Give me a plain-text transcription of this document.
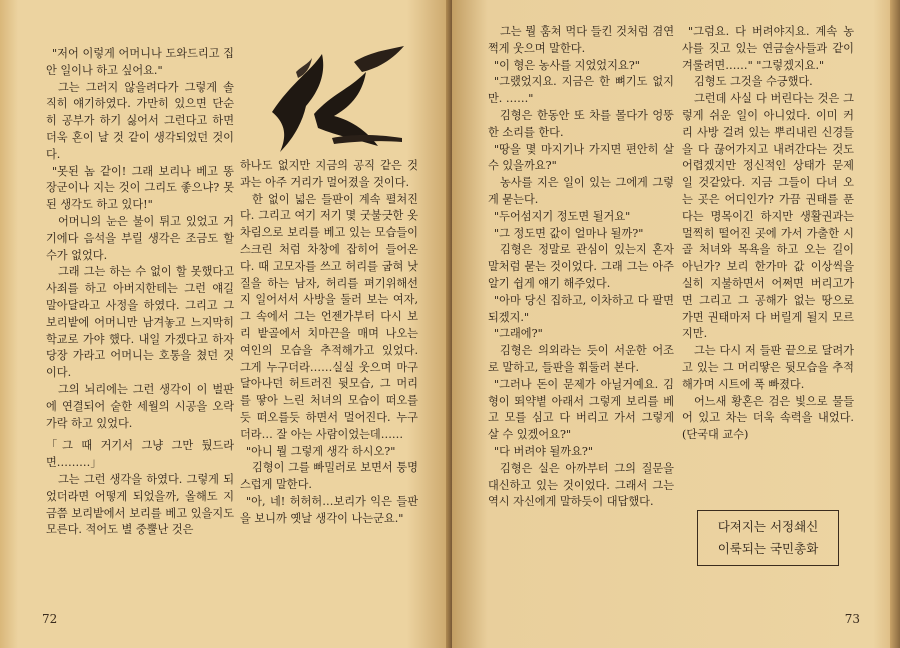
"저어 이렇게 어머니나 도와드리고 집안 일이나 하고 싶어요."

그는 그러지 않을려다가 그렇게 솔직히 얘기하였다. 가만히 있으면 단순히 공부가 하기 싫어서 그런다고 하면 더욱 혼이 날 것 같이 생각되었던 것이다.

"못된 놈 같이! 그래 보리나 베고 똥장군이나 지는 것이 그리도 좋으냐? 못된 생각도 하고 있다!"

어머니의 눈은 불이 튀고 있었고 거기에다 음석을 부릴 생각은 조금도 할 수가 없었다.

그래 그는 하는 수 없이 할 못했다고 사죄를 하고 아버지한테는 그런 얘길 말아달라고 사정을 하였다. 그리고 그 보리밭에 어머니만 남겨놓고 느지막히 학교로 가야 했다. 내일 가겠다고 하자 당장 가라고 어머니는 호통을 쳤던 것이다.

그의 뇌리에는 그런 생각이 이 벌판에 연결되어 숱한 세월의 시공을 오락가락 하고 있었다.

「그 때 거기서 그냥 그만 뒀드라면………」

그는 그런 생각을 하였다. 그렇게 되었더라면 어떻게 되었을까, 올해도 지금쯤 보리밭에서 보리를 베고 있을지도 모른다. 적어도 별 중뿔난 것은

하나도 없지만 지금의 공직 같은 것과는 아주 거리가 멀어졌을 것이다.

한 없이 넓은 들판이 계속 펼쳐진다. 그리고 여기 저기 몇 굿불긋한 옷차림으로 보리를 베고 있는 모습들이 스크린 처럼 차창에 잡히어 들어온다. 때 고모자를 쓰고 허리를 굽혀 낫질을 하는 남자, 허리를 펴기위해선지 일어서서 사방을 둘러 보는 여자, 그 속에서 그는 언젠가부터 다시 보리 밭골에서 치마끈을 매며 나오는 여인의 모습을 추적해가고 있었다. 그게 누구더라……실실 웃으며 마구 달아나던 허트러진 뒷모습, 그 머리를 땋아 느린 처녀의 모습이 떠오를듯 떠오를듯 하면서 멀어진다. 누구더라… 잘 아는 사람이었는데……

"아니 뭘 그렇게 생각 하시오?"

김형이 그를 빠밀러로 보면서 퉁명스럽게 말한다.

"아, 네! 허허허…보리가 익은 들판을 보니까 옛날 생각이 나는군요."

72

그는 뭘 훔쳐 먹다 들킨 것처럼 겸연쩍게 웃으며 말한다.

"이 형은 농사를 지었었지요?"

"그랬었지요. 지금은 한 뼈기도 없지만. ……"

김형은 한동안 또 차를 몰다가 엉뚱한 소리를 한다.

"땅을 몇 마지기나 가지면 편안히 살 수 있을까요?"

농사를 지은 일이 있는 그에게 그렇게 묻는다.

"두어섬지기 정도면 될거요"

"그 정도면 값이 얼마나 될까?"

김형은 정말로 관심이 있는지 혼자말처럼 묻는 것이었다. 그래 그는 아주 알기 쉽게 얘기 해주었다.

"아마 당신 집하고, 이차하고 다 팔면 되겠지."

"그래에?"

김형은 의외라는 듯이 서운한 어조로 말하고, 들판을 휘둘러 본다.

"그러나 돈이 문제가 아닐거예요. 김형이 뙤약볕 아래서 그렇게 보리를 베고 모를 심고 다 버리고 가서 그렇게 살 수 있겠어요?"

"다 버려야 될까요?"

김형은 실은 아까부터 그의 질문을 대신하고 있는 것이었다. 그래서 그는 역시 자신에게 말하듯이 대답했다.

"그럼요. 다 버려야지요. 계속 농사를 짓고 있는 연금술사들과 같이 겨룰려면……" "그렇겠지요."

김형도 그것을 수긍했다.

그런데 사실 다 버린다는 것은 그렇게 쉬운 일이 아니었다. 이미 커리 사방 걸려 있는 뿌리내린 신경들을 다 끊어가지고 내려간다는 것도 어렵겠지만 정신적인 상태가 문제일 것같았다. 지금 그들이 다녀 오는 곳은 어디인가? 가끔 권태를 푼다는 명목이긴 하지만 생활권과는 멀찍히 떨어진 곳에 가서 가출한 시골 처녀와 목욕을 하고 오는 길이 아닌가? 보리 한가마 값 이상씩을 실히 지불하면서 어쩌면 버리고가면 그리고 그 공해가 없는 땅으로 가면 권태마저 다 버릴게 될지 모르지만.

그는 다시 저 들판 끝으로 달려가고 있는 그 머리땋은 뒷모습을 추적해가며 시트에 푹 빠졌다.

어느새 황혼은 검은 빛으로 물들어 있고 차는 더욱 속력을 내었다. (단국대 교수)

73
다져지는 서정쇄신
이룩되는 국민총화
